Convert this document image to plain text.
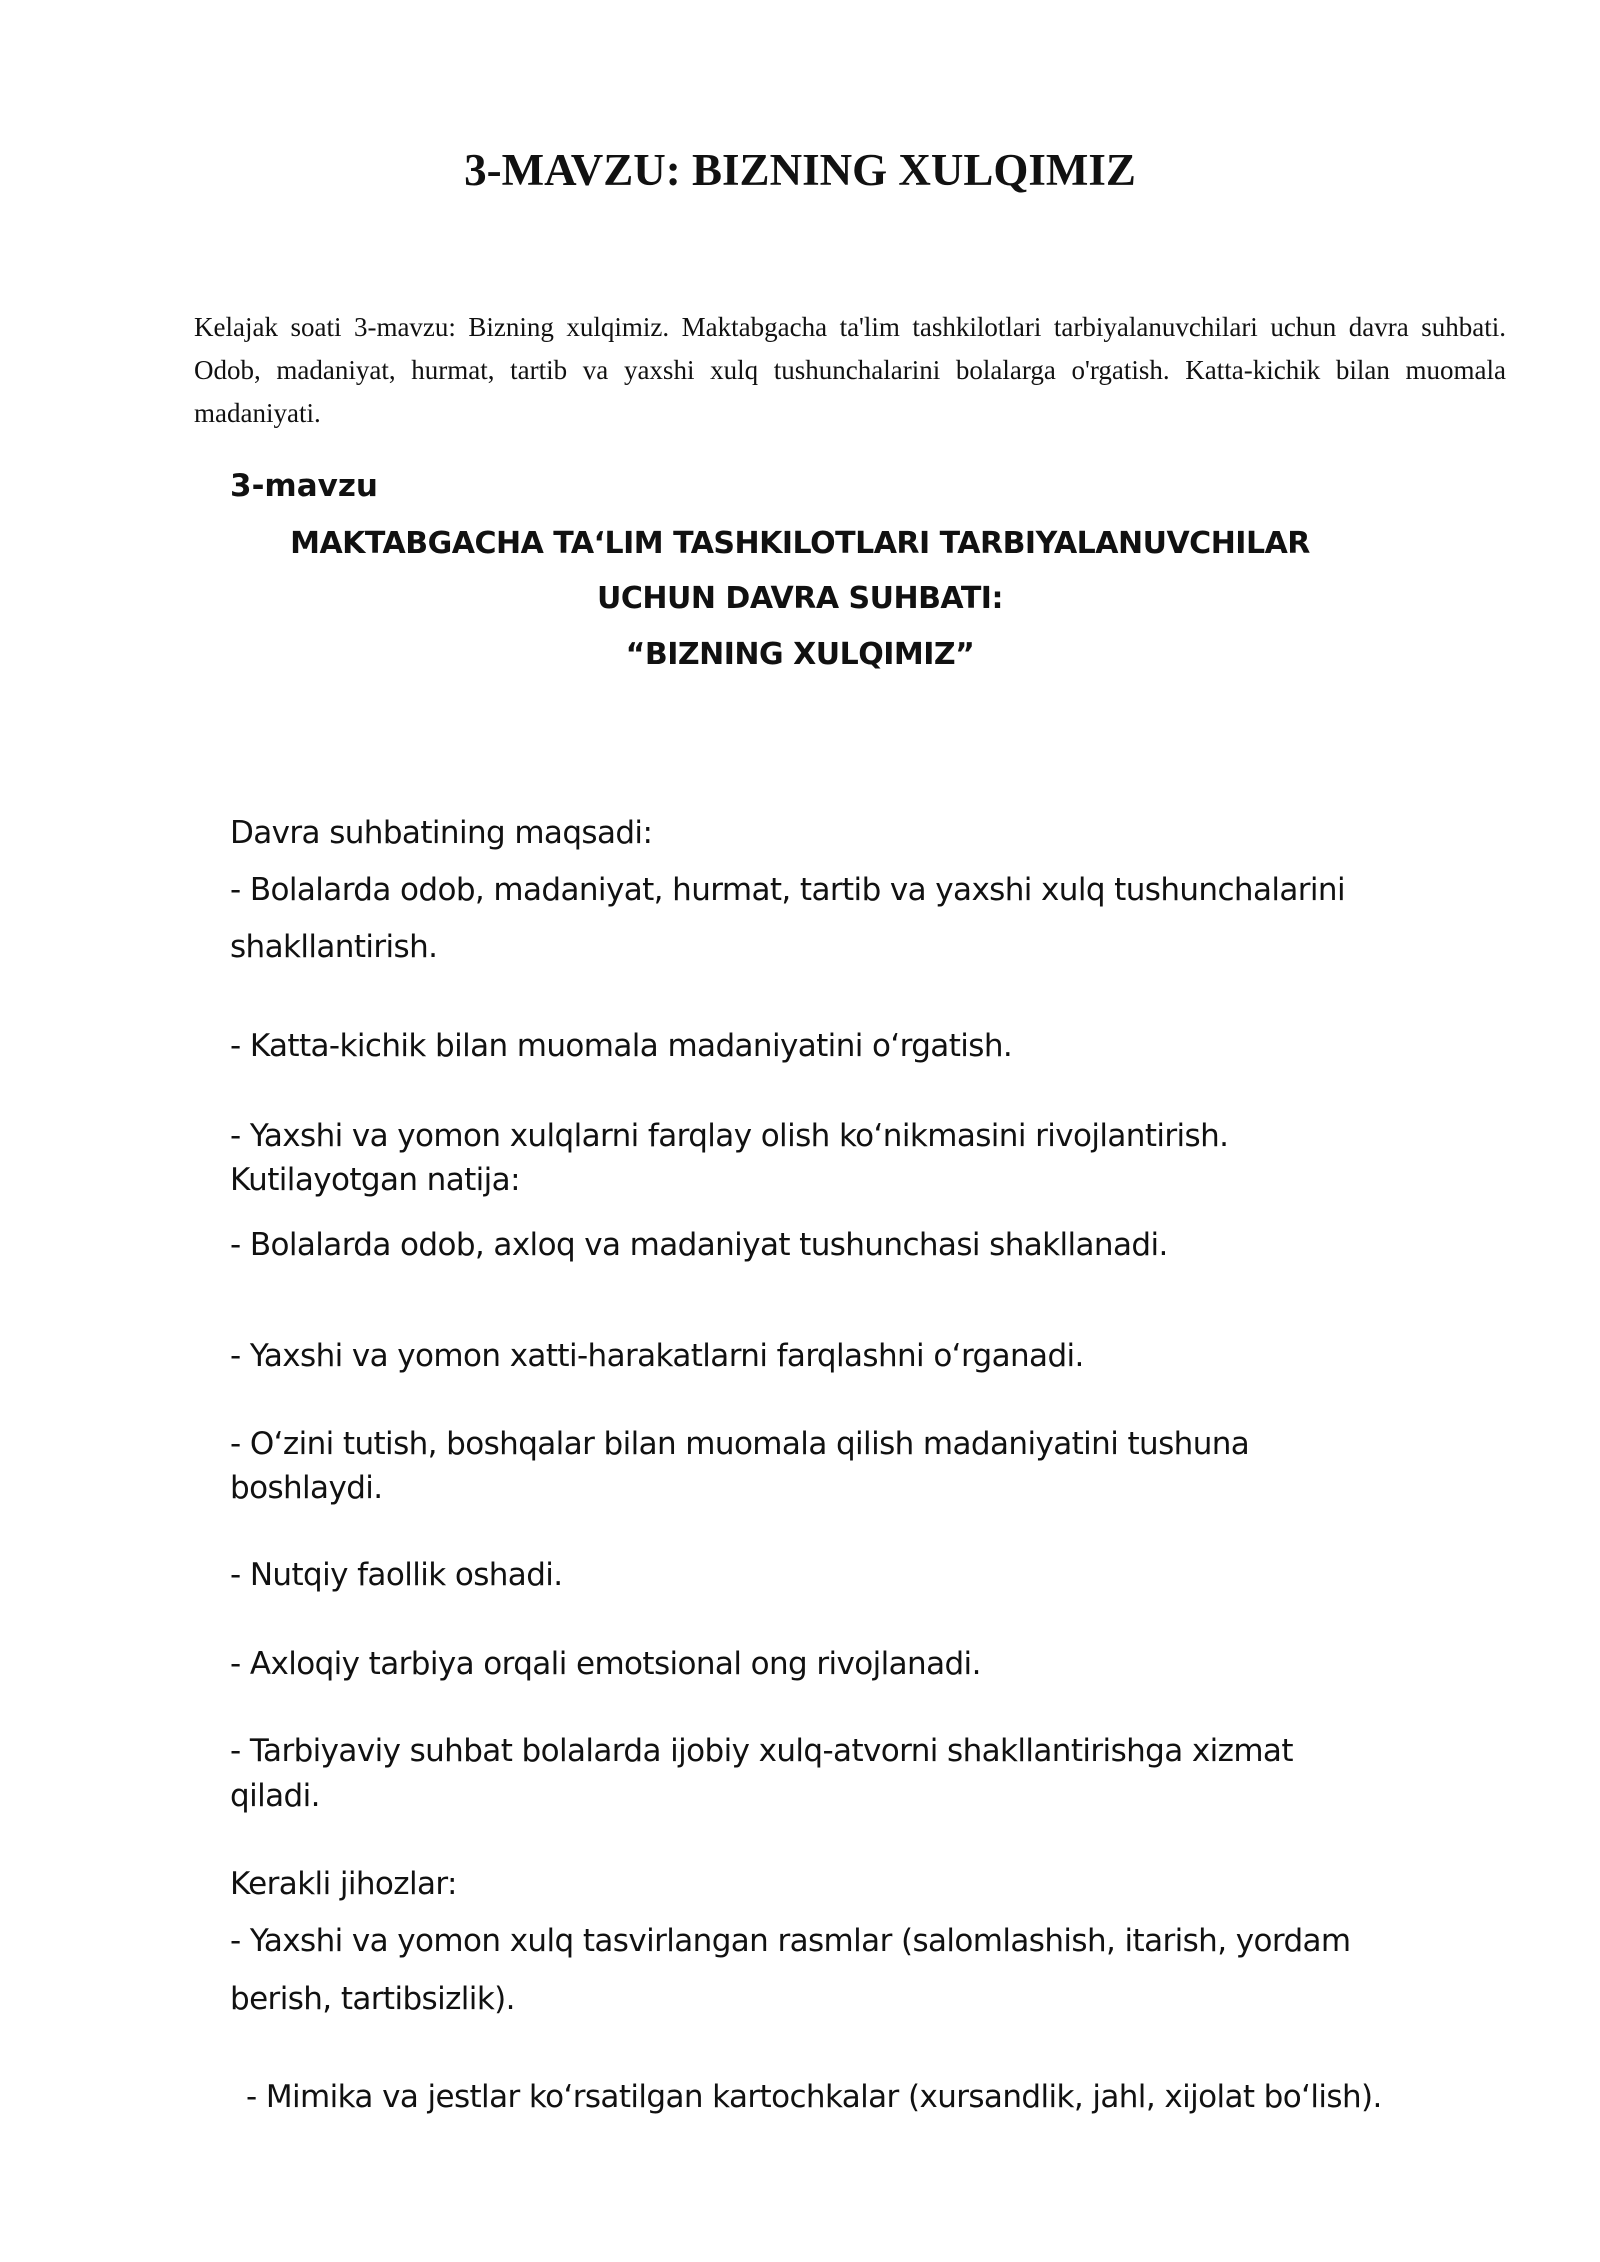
3-MAVZU: BIZNING XULQIMIZ
Kelajak soati 3-mavzu: Bizning xulqimiz. Maktabgacha ta'lim tashkilotlari tarbiyalanuvchilari uchun davra suhbati. Odob, madaniyat, hurmat, tartib va yaxshi xulq tushunchalarini bolalarga o'rgatish. Katta-kichik bilan muomala madaniyati.
3-mavzu
MAKTABGACHA TA‘LIM TASHKILOTLARI TARBIYALANUVCHILAR
UCHUN DAVRA SUHBATI:
“BIZNING XULQIMIZ”
Davra suhbatining maqsadi:
- Bolalarda odob, madaniyat, hurmat, tartib va yaxshi xulq tushunchalarini
shakllantirish.
- Katta-kichik bilan muomala madaniyatini o‘rgatish.
- Yaxshi va yomon xulqlarni farqlay olish ko‘nikmasini rivojlantirish.
Kutilayotgan natija:
- Bolalarda odob, axloq va madaniyat tushunchasi shakllanadi.
- Yaxshi va yomon xatti-harakatlarni farqlashni o‘rganadi.
- O‘zini tutish, boshqalar bilan muomala qilish madaniyatini tushuna
boshlaydi.
- Nutqiy faollik oshadi.
- Axloqiy tarbiya orqali emotsional ong rivojlanadi.
- Tarbiyaviy suhbat bolalarda ijobiy xulq-atvorni shakllantirishga xizmat
qiladi.
Kerakli jihozlar:
- Yaxshi va yomon xulq tasvirlangan rasmlar (salomlashish, itarish, yordam
berish, tartibsizlik).
- Mimika va jestlar ko‘rsatilgan kartochkalar (xursandlik, jahl, xijolat bo‘lish).
